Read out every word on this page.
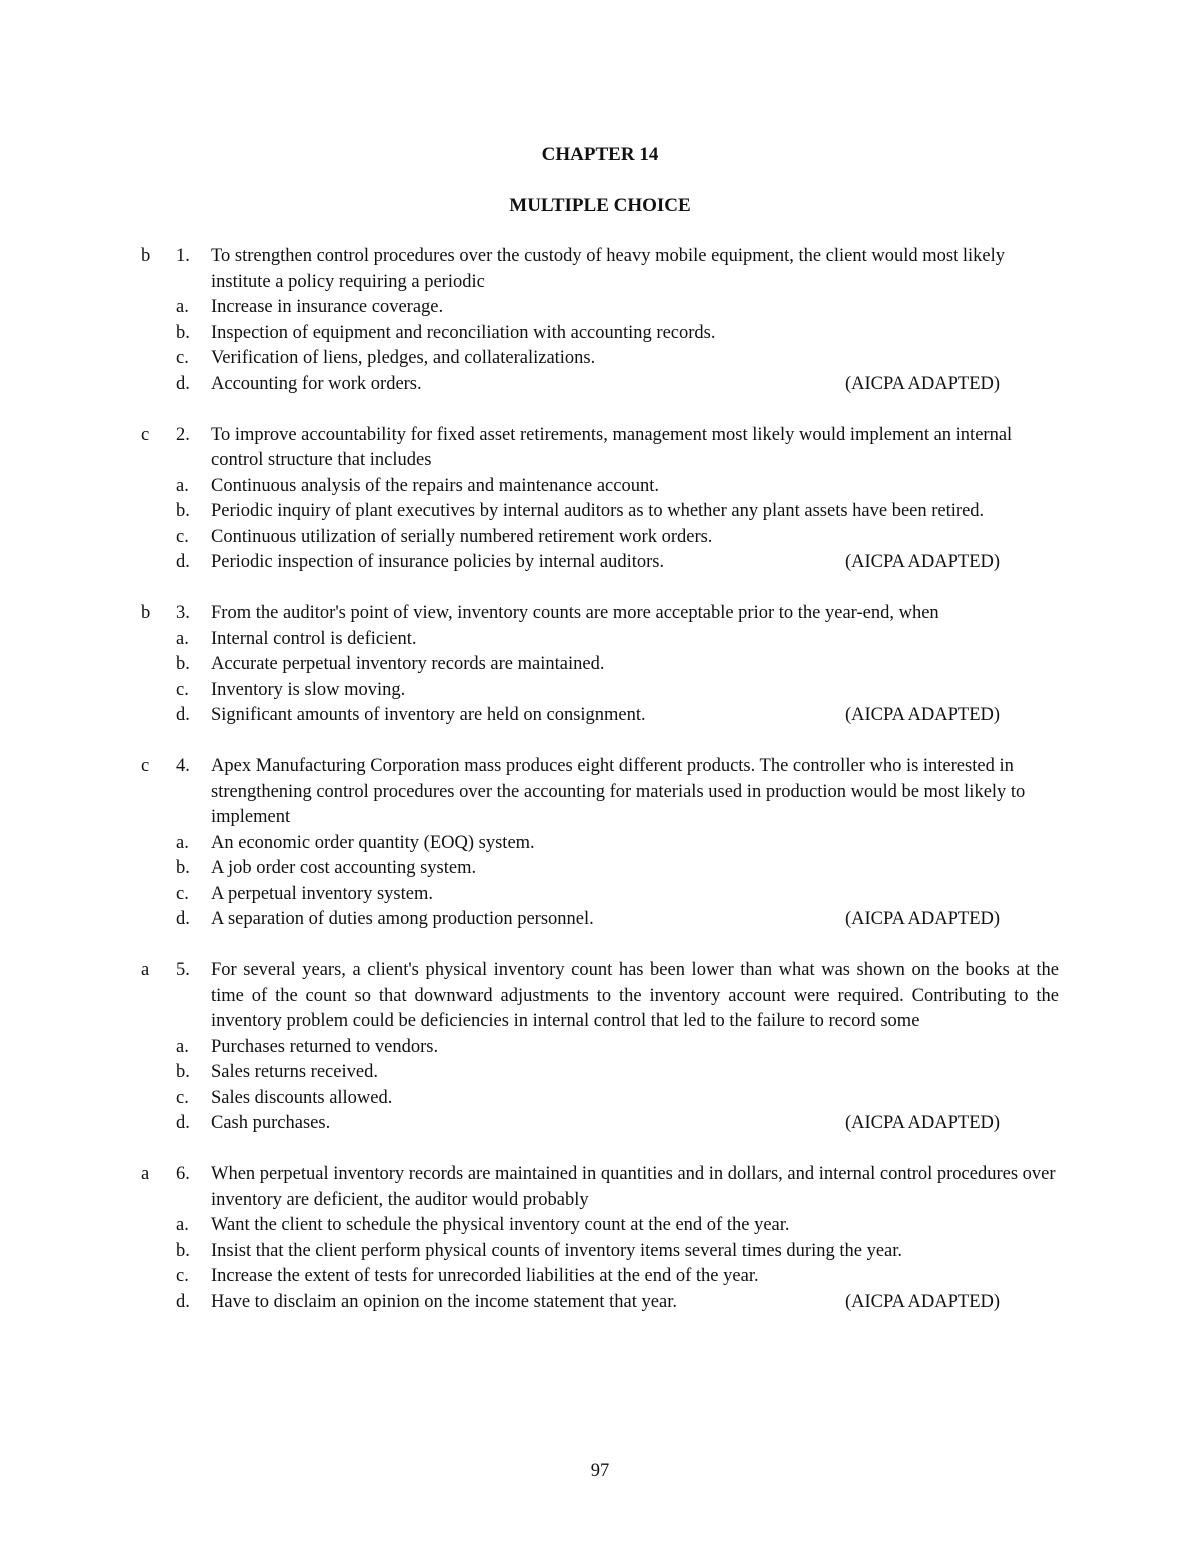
CHAPTER 14
MULTIPLE CHOICE
b	1.	To strengthen control procedures over the custody of heavy mobile equipment, the client would most likely institute a policy requiring a periodic
a.	Increase in insurance coverage.
b.	Inspection of equipment and reconciliation with accounting records.
c.	Verification of liens, pledges, and collateralizations.
d.	Accounting for work orders.	(AICPA ADAPTED)
c	2.	To improve accountability for fixed asset retirements, management most likely would implement an internal control structure that includes
a.	Continuous analysis of the repairs and maintenance account.
b.	Periodic inquiry of plant executives by internal auditors as to whether any plant assets have been retired.
c.	Continuous utilization of serially numbered retirement work orders.
d.	Periodic inspection of insurance policies by internal auditors.	(AICPA ADAPTED)
b	3.	From the auditor's point of view, inventory counts are more acceptable prior to the year-end, when
a.	Internal control is deficient.
b.	Accurate perpetual inventory records are maintained.
c.	Inventory is slow moving.
d.	Significant amounts of inventory are held on consignment.	(AICPA ADAPTED)
c	4.	Apex Manufacturing Corporation mass produces eight different products. The controller who is interested in strengthening control procedures over the accounting for materials used in production would be most likely to implement
a.	An economic order quantity (EOQ) system.
b.	A job order cost accounting system.
c.	A perpetual inventory system.
d.	A separation of duties among production personnel.	(AICPA ADAPTED)
a	5.	For several years, a client's physical inventory count has been lower than what was shown on the books at the time of the count so that downward adjustments to the inventory account were required. Contributing to the inventory problem could be deficiencies in internal control that led to the failure to record some
a.	Purchases returned to vendors.
b.	Sales returns received.
c.	Sales discounts allowed.
d.	Cash purchases.	(AICPA ADAPTED)
a	6.	When perpetual inventory records are maintained in quantities and in dollars, and internal control procedures over inventory are deficient, the auditor would probably
a.	Want the client to schedule the physical inventory count at the end of the year.
b.	Insist that the client perform physical counts of inventory items several times during the year.
c.	Increase the extent of tests for unrecorded liabilities at the end of the year.
d.	Have to disclaim an opinion on the income statement that year.	(AICPA ADAPTED)
97
